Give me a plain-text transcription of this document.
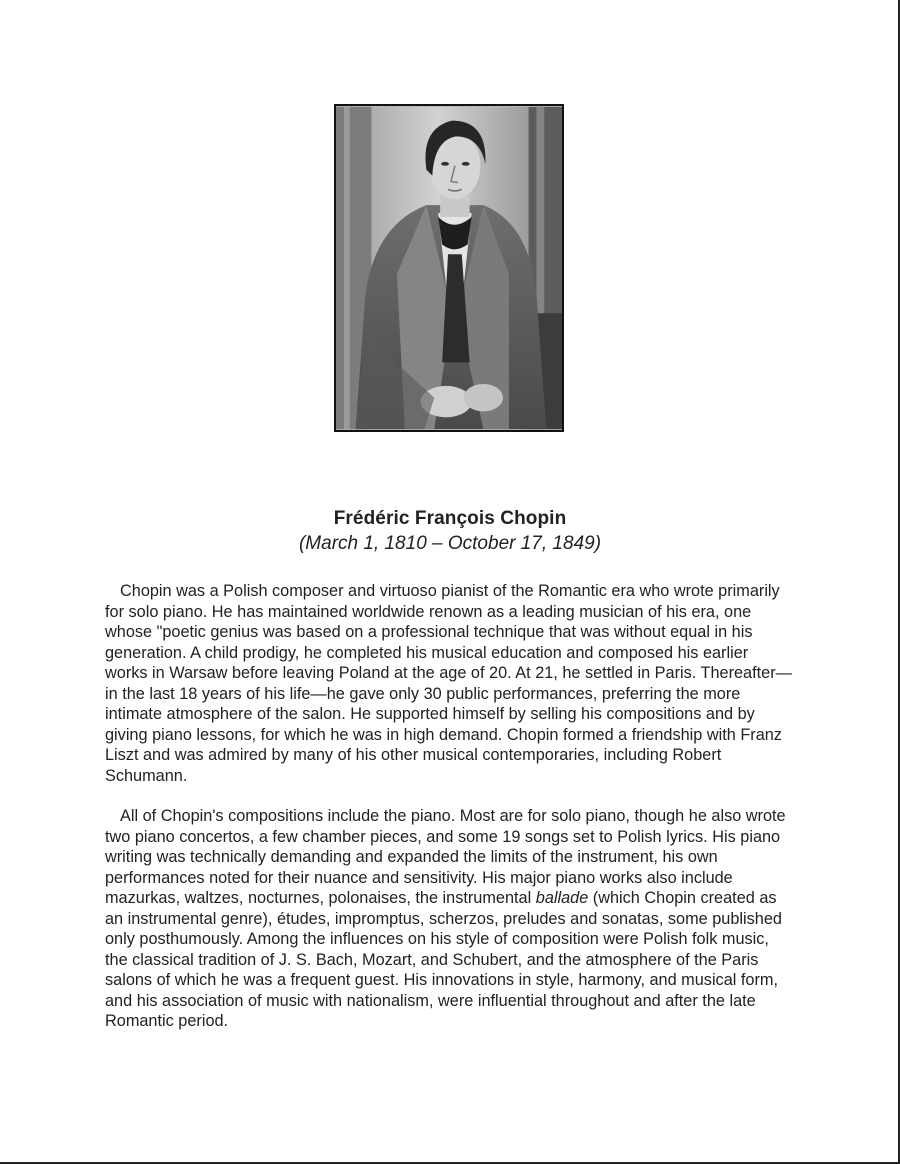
Frédéric François Chopin
(March 1, 1810 – October 17, 1849)

Chopin was a Polish composer and virtuoso pianist of the Romantic era who wrote primarily for solo piano. He has maintained worldwide renown as a leading musician of his era, one whose "poetic genius was based on a professional technique that was without equal in his generation. A child prodigy, he completed his musical education and composed his earlier works in Warsaw before leaving Poland at the age of 20. At 21, he settled in Paris. Thereafter—in the last 18 years of his life—he gave only 30 public performances, preferring the more intimate atmosphere of the salon. He supported himself by selling his compositions and by giving piano lessons, for which he was in high demand. Chopin formed a friendship with Franz Liszt and was admired by many of his other musical contemporaries, including Robert Schumann.

All of Chopin's compositions include the piano. Most are for solo piano, though he also wrote two piano concertos, a few chamber pieces, and some 19 songs set to Polish lyrics. His piano writing was technically demanding and expanded the limits of the instrument, his own performances noted for their nuance and sensitivity. His major piano works also include mazurkas, waltzes, nocturnes, polonaises, the instrumental ballade (which Chopin created as an instrumental genre), études, impromptus, scherzos, preludes and sonatas, some published only posthumously. Among the influences on his style of composition were Polish folk music, the classical tradition of J. S. Bach, Mozart, and Schubert, and the atmosphere of the Paris salons of which he was a frequent guest. His innovations in style, harmony, and musical form, and his association of music with nationalism, were influential throughout and after the late Romantic period.
